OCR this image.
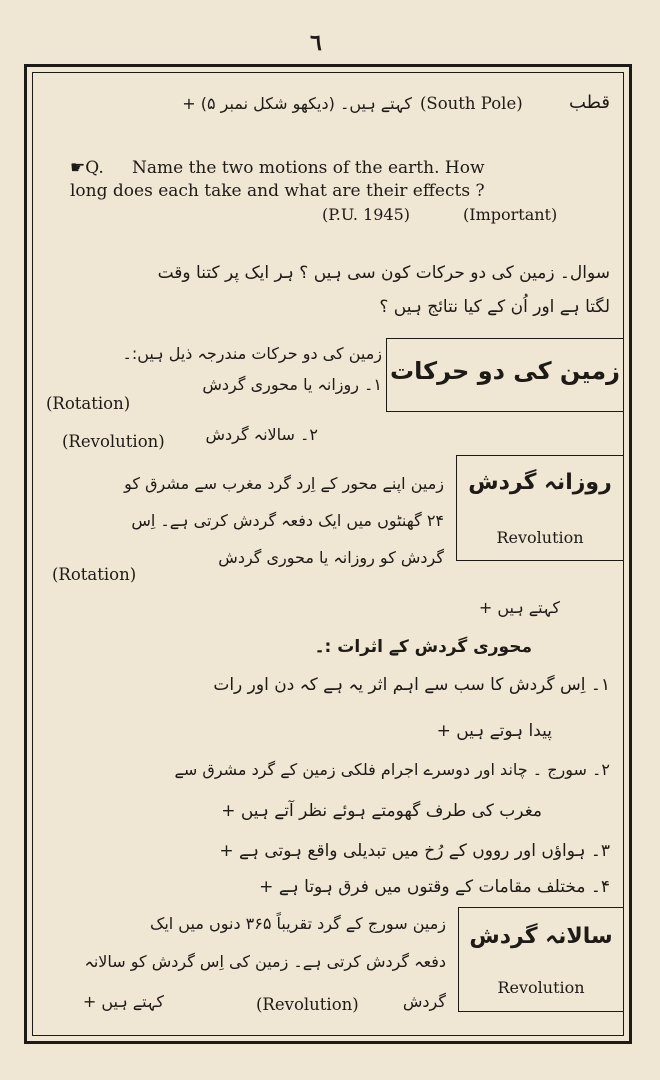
٦
قطب
(South Pole)
کہتے ہیں۔ (دیکھو شکل نمبر ۵) +
☛Q. Name the two motions of the earth. How
long does each take and what are their effects ?
(P.U. 1945)	(Important)
سوال۔ زمین کی دو حرکات کون سی ہیں ؟ ہر ایک پر کتنا وقت
لگتا ہے اور اُن کے کیا نتائج ہیں ؟
زمین کی دو حرکات
زمین کی دو حرکات مندرجہ ذیل ہیں:۔
۱۔ روزانہ یا محوری گردش
(Rotation)
۲۔ سالانہ گردش
(Revolution)
روزانہ گردش
Revolution
زمین اپنے محور کے اِرد گرد مغرب سے مشرق کو
۲۴ گھنٹوں میں ایک دفعہ گردش کرتی ہے۔ اِس
گردش کو روزانہ یا محوری گردش
(Rotation)
کہتے ہیں +
محوری گردش کے اثرات :۔
۱۔ اِس گردش کا سب سے اہم اثر یہ ہے کہ دن اور رات
پیدا ہوتے ہیں +
۲۔ سورج ۔ چاند اور دوسرے اجرام فلکی زمین کے گرد مشرق سے
مغرب کی طرف گھومتے ہوئے نظر آتے ہیں +
۳۔ ہواؤں اور رووں کے رُخ میں تبدیلی واقع ہوتی ہے +
۴۔ مختلف مقامات کے وقتوں میں فرق ہوتا ہے +
سالانہ گردش
Revolution
زمین سورج کے گرد تقریباً ۳۶۵ دنوں میں ایک
دفعہ گردش کرتی ہے۔ زمین کی اِس گردش کو سالانہ
گردش
(Revolution)
کہتے ہیں +
